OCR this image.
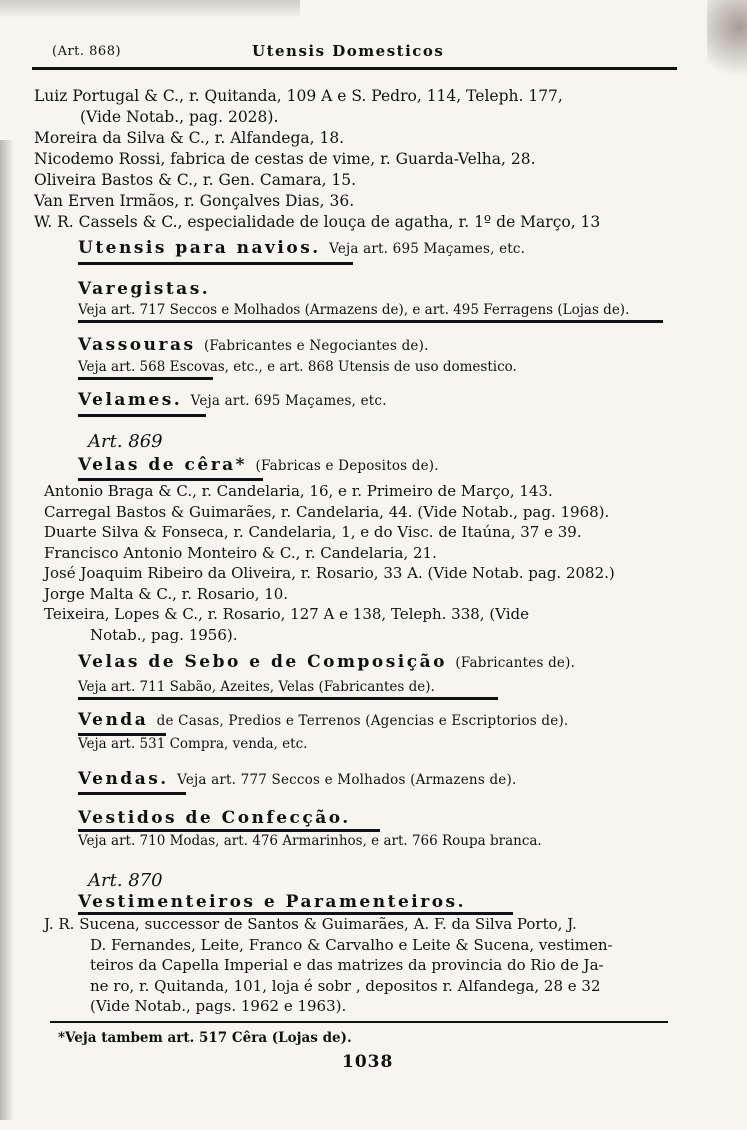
(Art. 868)	Utensis Domesticos
Luiz Portugal & C., r. Quitanda, 109 A e S. Pedro, 114, Teleph. 177,
(Vide Notab., pag. 2028).
Moreira da Silva & C., r. Alfandega, 18.
Nicodemo Rossi, fabrica de cestas de vime, r. Guarda-Velha, 28.
Oliveira Bastos & C., r. Gen. Camara, 15.
Van Erven Irmãos, r. Gonçalves Dias, 36.
W. R. Cassels & C., especialidade de louça de agatha, r. 1º de Março, 13
Utensis para navios. Veja art. 695 Maçames, etc.
Varegistas.
Veja art. 717 Seccos e Molhados (Armazens de), e art. 495 Ferragens (Lojas de).
Vassouras (Fabricantes e Negociantes de).
Veja art. 568 Escovas, etc., e art. 868 Utensis de uso domestico.
Velames. Veja art. 695 Maçames, etc.
Art. 869
Velas de cêra* (Fabricas e Depositos de).
Antonio Braga & C., r. Candelaria, 16, e r. Primeiro de Março, 143.
Carregal Bastos & Guimarães, r. Candelaria, 44. (Vide Notab., pag. 1968).
Duarte Silva & Fonseca, r. Candelaria, 1, e do Visc. de Itaúna, 37 e 39.
Francisco Antonio Monteiro & C., r. Candelaria, 21.
José Joaquim Ribeiro da Oliveira, r. Rosario, 33 A. (Vide Notab. pag. 2082.)
Jorge Malta & C., r. Rosario, 10.
Teixeira, Lopes & C., r. Rosario, 127 A e 138, Teleph. 338, (Vide
Notab., pag. 1956).
Velas de Sebo e de Composição (Fabricantes de).
Veja art. 711 Sabão, Azeites, Velas (Fabricantes de).
Venda de Casas, Predios e Terrenos (Agencias e Escriptorios de).
Veja art. 531 Compra, venda, etc.
Vendas. Veja art. 777 Seccos e Molhados (Armazens de).
Vestidos de Confecção.
Veja art. 710 Modas, art. 476 Armarinhos, e art. 766 Roupa branca.
Art. 870
Vestimenteiros e Paramenteiros.
J. R. Sucena, successor de Santos & Guimarães, A. F. da Silva Porto, J.
D. Fernandes, Leite, Franco & Carvalho e Leite & Sucena, vestimen-
teiros da Capella Imperial e das matrizes da provincia do Rio de Ja-
ne ro, r. Quitanda, 101, loja é sobr , depositos r. Alfandega, 28 e 32
(Vide Notab., pags. 1962 e 1963).
*Veja tambem art. 517 Cêra (Lojas de).
1038
